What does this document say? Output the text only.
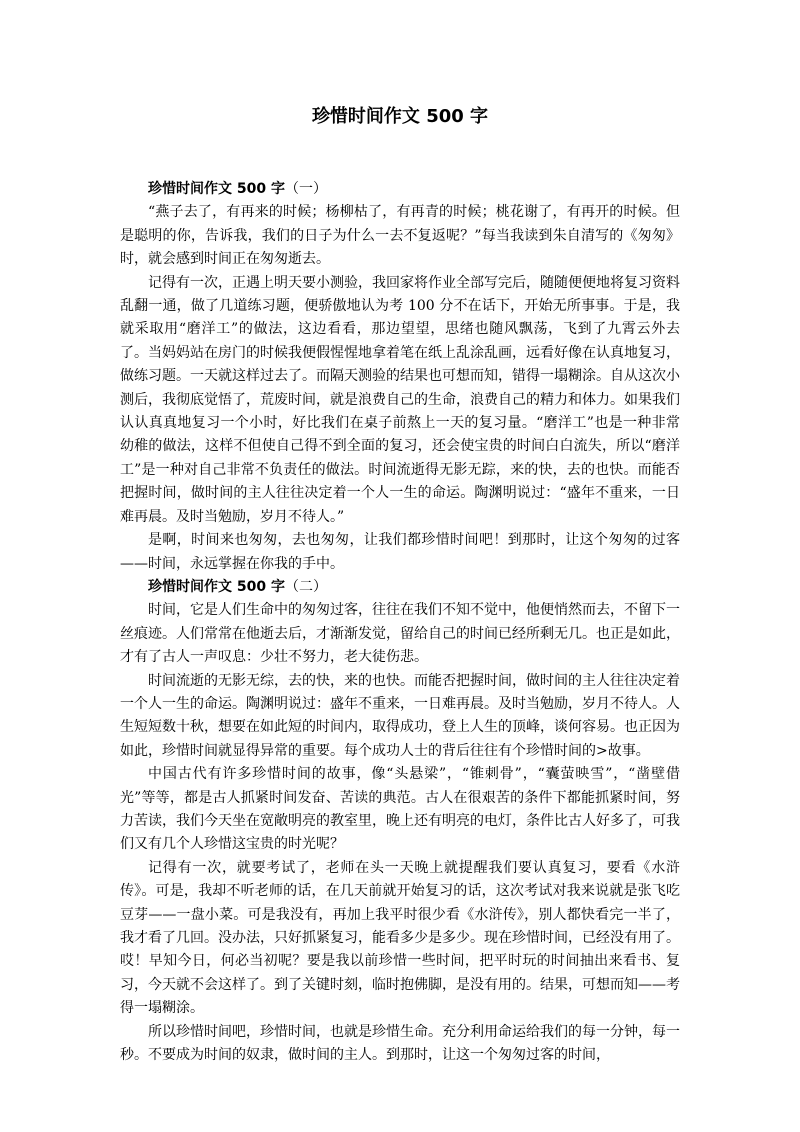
珍惜时间作文 500 字
珍惜时间作文 500 字（一）

“燕子去了，有再来的时候；杨柳枯了，有再青的时候；桃花谢了，有再开的时候。但是聪明的你，告诉我，我们的日子为什么一去不复返呢？”每当我读到朱自清写的《匆匆》时，就会感到时间正在匆匆逝去。

记得有一次，正遇上明天要小测验，我回家将作业全部写完后，随随便便地将复习资料乱翻一通，做了几道练习题，便骄傲地认为考 100 分不在话下，开始无所事事。于是，我就采取用“磨洋工”的做法，这边看看，那边望望，思绪也随风飘荡，飞到了九霄云外去了。当妈妈站在房门的时候我便假惺惺地拿着笔在纸上乱涂乱画，远看好像在认真地复习，做练习题。一天就这样过去了。而隔天测验的结果也可想而知，错得一塌糊涂。自从这次小测后，我彻底觉悟了，荒废时间，就是浪费自己的生命，浪费自己的精力和体力。如果我们认认真真地复习一个小时，好比我们在桌子前熬上一天的复习量。“磨洋工”也是一种非常幼稚的做法，这样不但使自己得不到全面的复习，还会使宝贵的时间白白流失，所以“磨洋工”是一种对自己非常不负责任的做法。时间流逝得无影无踪，来的快，去的也快。而能否把握时间，做时间的主人往往决定着一个人一生的命运。陶渊明说过：“盛年不重来，一日难再晨。及时当勉励，岁月不待人。”

是啊，时间来也匆匆，去也匆匆，让我们都珍惜时间吧！到那时，让这个匆匆的过客——时间，永远掌握在你我的手中。

珍惜时间作文 500 字（二）

时间，它是人们生命中的匆匆过客，往往在我们不知不觉中，他便悄然而去，不留下一丝痕迹。人们常常在他逝去后，才渐渐发觉，留给自己的时间已经所剩无几。也正是如此，才有了古人一声叹息：少壮不努力，老大徒伤悲。

时间流逝的无影无综，去的快，来的也快。而能否把握时间，做时间的主人往往决定着一个人一生的命运。陶渊明说过：盛年不重来，一日难再晨。及时当勉励，岁月不待人。人生短短数十秋，想要在如此短的时间内，取得成功，登上人生的顶峰，谈何容易。也正因为如此，珍惜时间就显得异常的重要。每个成功人士的背后往往有个珍惜时间的>故事。

中国古代有许多珍惜时间的故事，像“头悬梁”，“锥刺骨”，“囊萤映雪”，“凿壁借光”等等，都是古人抓紧时间发奋、苦读的典范。古人在很艰苦的条件下都能抓紧时间，努力苦读，我们今天坐在宽敞明亮的教室里，晚上还有明亮的电灯，条件比古人好多了，可我们又有几个人珍惜这宝贵的时光呢？

记得有一次，就要考试了，老师在头一天晚上就提醒我们要认真复习，要看《水浒传》。可是，我却不听老师的话，在几天前就开始复习的话，这次考试对我来说就是张飞吃豆芽——一盘小菜。可是我没有，再加上我平时很少看《水浒传》，别人都快看完一半了，我才看了几回。没办法，只好抓紧复习，能看多少是多少。现在珍惜时间，已经没有用了。哎！早知今日，何必当初呢？要是我以前珍惜一些时间，把平时玩的时间抽出来看书、复习，今天就不会这样了。到了关键时刻，临时抱佛脚，是没有用的。结果，可想而知——考得一塌糊涂。

所以珍惜时间吧，珍惜时间，也就是珍惜生命。充分利用命运给我们的每一分钟，每一秒。不要成为时间的奴隶，做时间的主人。到那时，让这一个匆匆过客的时间，
